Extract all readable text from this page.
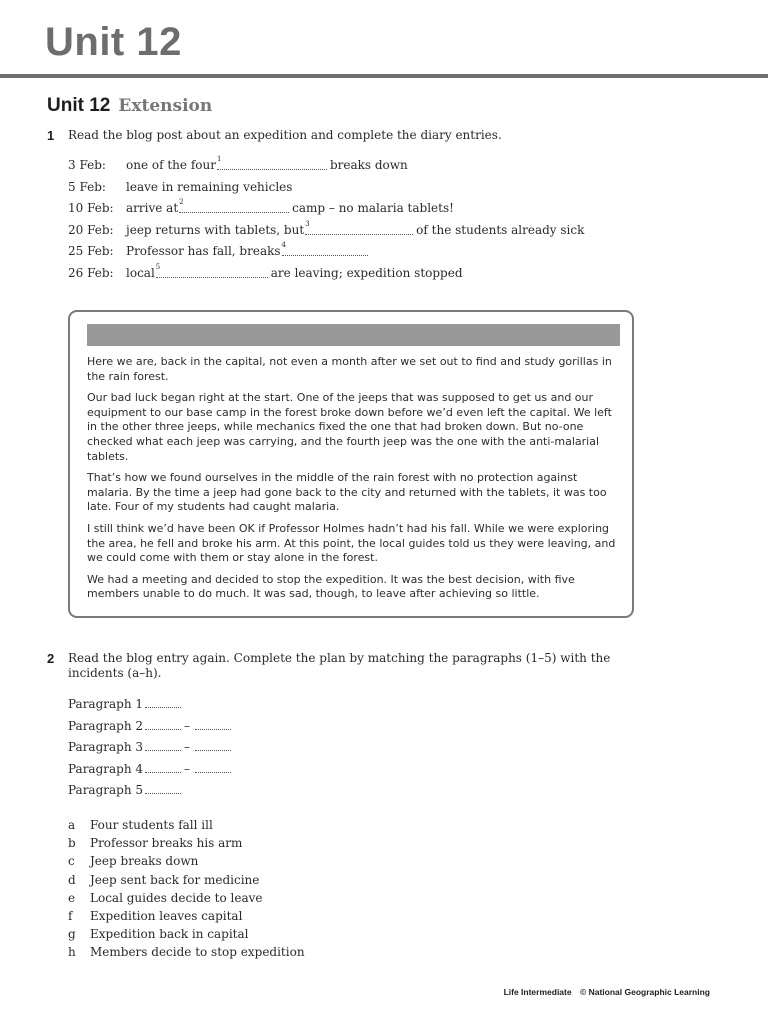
Unit 12
Unit 12 Extension
1 Read the blog post about an expedition and complete the diary entries.
3 Feb:	one of the four $^1$	breaks down
5 Feb:	leave in remaining vehicles
10 Feb:	arrive at $^2$	camp – no malaria tablets!
20 Feb:	jeep returns with tablets, but $^3$	of the students already sick
25 Feb:	Professor has fall, breaks $^4$
26 Feb:	local $^5$	are leaving; expedition stopped

Here we are, back in the capital, not even a month after we set out to find and study gorillas in the rain forest.

Our bad luck began right at the start. One of the jeeps that was supposed to get us and our equipment to our base camp in the forest broke down before we’d even left the capital. We left in the other three jeeps, while mechanics fixed the one that had broken down. But no-one checked what each jeep was carrying, and the fourth jeep was the one with the anti-malarial tablets.

That’s how we found ourselves in the middle of the rain forest with no protection against malaria. By the time a jeep had gone back to the city and returned with the tablets, it was too late. Four of my students had caught malaria.

I still think we’d have been OK if Professor Holmes hadn’t had his fall. While we were exploring the area, he fell and broke his arm. At this point, the local guides told us they were leaving, and we could come with them or stay alone in the forest.

We had a meeting and decided to stop the expedition. It was the best decision, with five members unable to do much. It was sad, though, to leave after achieving so little.

2 Read the blog entry again. Complete the plan by matching the paragraphs (1–5) with the incidents (a–h).
Paragraph 1
Paragraph 2	–
Paragraph 3	–
Paragraph 4	–
Paragraph 5
a	Four students fall ill
b	Professor breaks his arm
c	Jeep breaks down
d	Jeep sent back for medicine
e	Local guides decide to leave
f	Expedition leaves capital
g	Expedition back in capital
h	Members decide to stop expedition
Life Intermediate © National Geographic Learning
